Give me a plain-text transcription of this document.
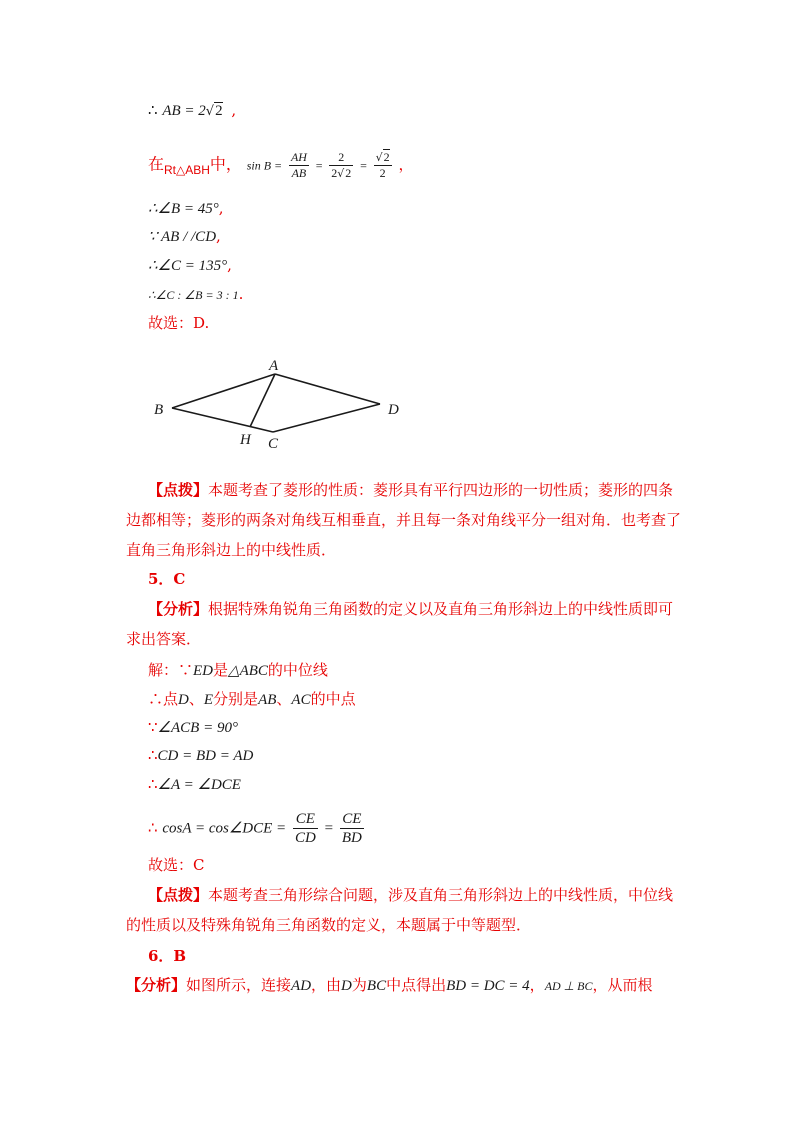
∴ AB = 2√2 ,
在$_{Rt\triangle ABH}$中， $\sin B = \frac{AH}{AB} = \frac{2}{2√2} = \frac{√2}{2}$ ，
∴∠B = 45°,
∵ AB / /CD,
∴∠C = 135°,
∴∠C : ∠B = 3 : 1.
故选：D.
A
B
C
D
H
【点拨】本题考查了菱形的性质：菱形具有平行四边形的一切性质；菱形的四条边都相等；菱形的两条对角线互相垂直，并且每一条对角线平分一组对角．也考查了直角三角形斜边上的中线性质．
5．C
【分析】根据特殊角锐角三角函数的定义以及直角三角形斜边上的中线性质即可求出答案．
解：∵ED是△ABC的中位线
∴点D、E分别是AB、AC的中点
∵∠ACB = 90°
∴CD = BD = AD
∴∠A = ∠DCE
∴ cosA = cos∠DCE = $\frac{CE}{CD} = \frac{CE}{BD}$
故选：C
【点拨】本题考查三角形综合问题，涉及直角三角形斜边上的中线性质，中位线的性质以及特殊角锐角三角函数的定义，本题属于中等题型．
6．B
【分析】如图所示，连接AD，由D为BC中点得出BD = DC = 4，AD ⊥ BC，从而根
